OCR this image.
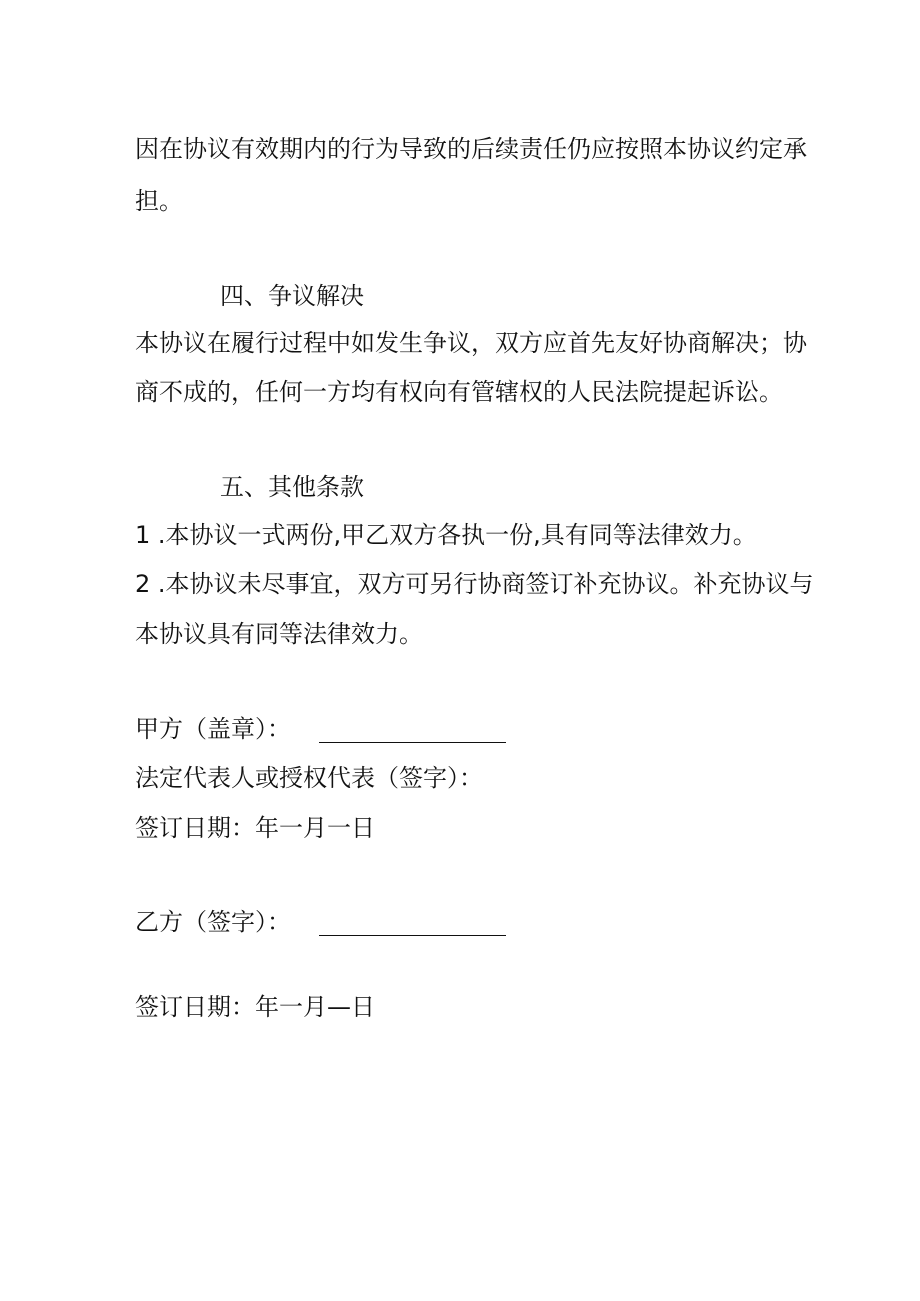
因在协议有效期内的行为导致的后续责任仍应按照本协议约定承
担。
四、争议解决
本协议在履行过程中如发生争议，双方应首先友好协商解决；协
商不成的，任何一方均有权向有管辖权的人民法院提起诉讼。
五、其他条款
1 .本协议一式两份,甲乙双方各执一份,具有同等法律效力。
2 .本协议未尽事宜，双方可另行协商签订补充协议。补充协议与
本协议具有同等法律效力。
甲方（盖章）：
法定代表人或授权代表（签字）：
签订日期：年一月一日
乙方（签字）：
签订日期：年一月—日
